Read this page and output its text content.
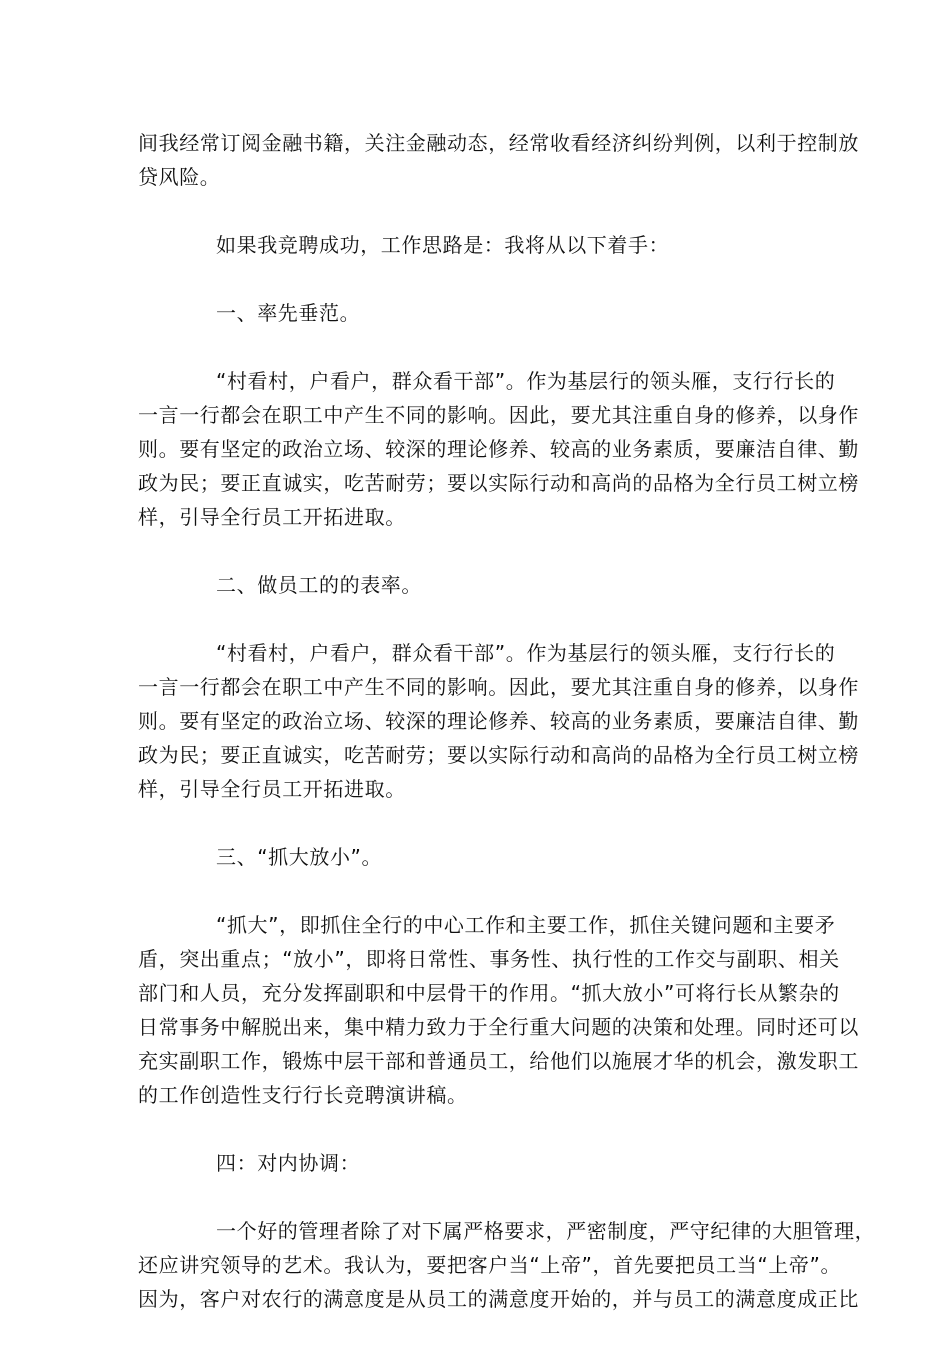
间我经常订阅金融书籍，关注金融动态，经常收看经济纠纷判例，以利于控制放
贷风险。

如果我竞聘成功，工作思路是：我将从以下着手：

一、率先垂范。

“村看村，户看户，群众看干部”。作为基层行的领头雁，支行行长的
一言一行都会在职工中产生不同的影响。因此，要尤其注重自身的修养，以身作
则。要有坚定的政治立场、较深的理论修养、较高的业务素质，要廉洁自律、勤
政为民；要正直诚实，吃苦耐劳；要以实际行动和高尚的品格为全行员工树立榜
样，引导全行员工开拓进取。

二、做员工的的表率。

“村看村，户看户，群众看干部”。作为基层行的领头雁，支行行长的
一言一行都会在职工中产生不同的影响。因此，要尤其注重自身的修养，以身作
则。要有坚定的政治立场、较深的理论修养、较高的业务素质，要廉洁自律、勤
政为民；要正直诚实，吃苦耐劳；要以实际行动和高尚的品格为全行员工树立榜
样，引导全行员工开拓进取。

三、“抓大放小”。

“抓大”，即抓住全行的中心工作和主要工作，抓住关键问题和主要矛
盾，突出重点；“放小”，即将日常性、事务性、执行性的工作交与副职、相关
部门和人员，充分发挥副职和中层骨干的作用。“抓大放小”可将行长从繁杂的
日常事务中解脱出来，集中精力致力于全行重大问题的决策和处理。同时还可以
充实副职工作，锻炼中层干部和普通员工，给他们以施展才华的机会，激发职工
的工作创造性支行行长竞聘演讲稿。

四：对内协调：

一个好的管理者除了对下属严格要求，严密制度，严守纪律的大胆管理，
还应讲究领导的艺术。我认为，要把客户当“上帝”，首先要把员工当“上帝”。
因为，客户对农行的满意度是从员工的满意度开始的，并与员工的满意度成正比
